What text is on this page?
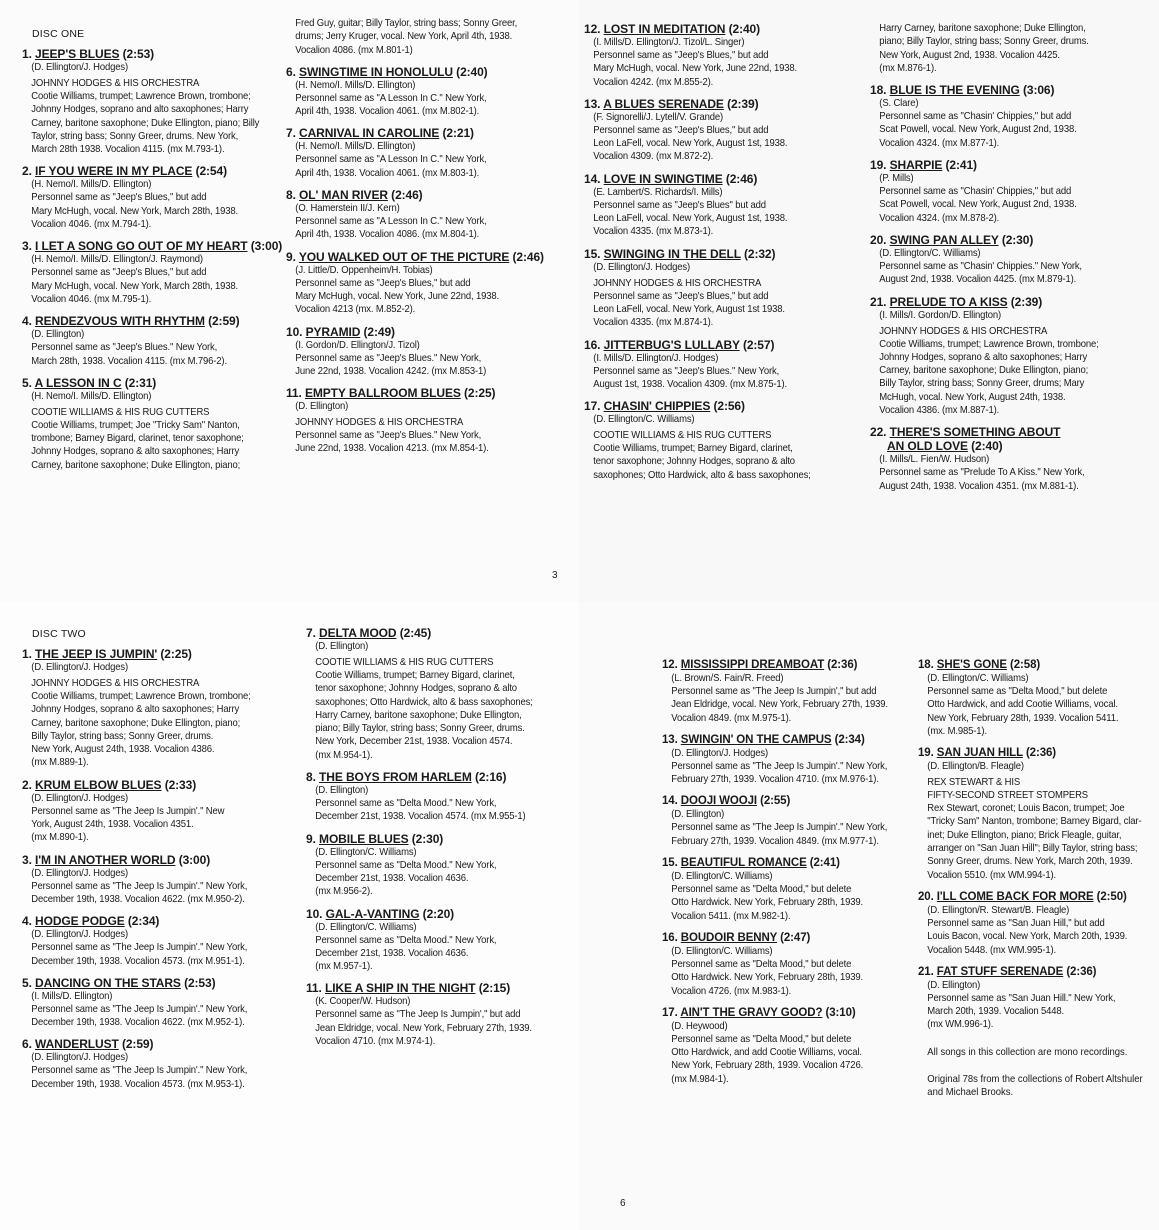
DISC ONE
1. JEEP'S BLUES (2:53)
(D. Ellington/J. Hodges)
JOHNNY HODGES & HIS ORCHESTRA
Cootie Williams, trumpet; Lawrence Brown, trombone;
Johnny Hodges, soprano and alto saxophones; Harry
Carney, baritone saxophone; Duke Ellington, piano; Billy
Taylor, string bass; Sonny Greer, drums. New York,
March 28th 1938. Vocalion 4115. (mx M.793-1).
2. IF YOU WERE IN MY PLACE (2:54)
(H. Nemo/I. Mills/D. Ellington)
Personnel same as "Jeep's Blues," but add
Mary McHugh, vocal. New York, March 28th, 1938.
Vocalion 4046. (mx M.794-1).
3. I LET A SONG GO OUT OF MY HEART (3:00)
(H. Nemo/I. Mills/D. Ellington/J. Raymond)
Personnel same as "Jeep's Blues," but add
Mary McHugh, vocal. New York, March 28th, 1938.
Vocalion 4046. (mx M.795-1).
4. RENDEZVOUS WITH RHYTHM (2:59)
(D. Ellington)
Personnel same as "Jeep's Blues." New York,
March 28th, 1938. Vocalion 4115. (mx M.796-2).
5. A LESSON IN C (2:31)
(H. Nemo/I. Mills/D. Ellington)
COOTIE WILLIAMS & HIS RUG CUTTERS
Cootie Williams, trumpet; Joe "Tricky Sam" Nanton,
trombone; Barney Bigard, clarinet, tenor saxophone;
Johnny Hodges, soprano & alto saxophones; Harry
Carney, baritone saxophone; Duke Ellington, piano;
Fred Guy, guitar; Billy Taylor, string bass; Sonny Greer,
drums; Jerry Kruger, vocal. New York, April 4th, 1938.
Vocalion 4086. (mx M.801-1)
6. SWINGTIME IN HONOLULU (2:40)
(H. Nemo/I. Mills/D. Ellington)
Personnel same as "A Lesson In C." New York,
April 4th, 1938. Vocalion 4061. (mx M.802-1).
7. CARNIVAL IN CAROLINE (2:21)
(H. Nemo/I. Mills/D. Ellington)
Personnel same as "A Lesson In C." New York,
April 4th, 1938. Vocalion 4061. (mx M.803-1).
8. OL' MAN RIVER (2:46)
(O. Hamerstein II/J. Kern)
Personnel same as "A Lesson In C." New York,
April 4th, 1938. Vocalion 4086. (mx M.804-1).
9. YOU WALKED OUT OF THE PICTURE (2:46)
(J. Little/D. Oppenheim/H. Tobias)
Personnel same as "Jeep's Blues," but add
Mary McHugh, vocal. New York, June 22nd, 1938.
Vocalion 4213 (mx. M.852-2).
10. PYRAMID (2:49)
(I. Gordon/D. Ellington/J. Tizol)
Personnel same as "Jeep's Blues." New York,
June 22nd, 1938. Vocalion 4242. (mx M.853-1)
11. EMPTY BALLROOM BLUES (2:25)
(D. Ellington)
JOHNNY HODGES & HIS ORCHESTRA
Personnel same as "Jeep's Blues." New York,
June 22nd, 1938. Vocalion 4213. (mx M.854-1).
3
12. LOST IN MEDITATION (2:40)
(I. Mills/D. Ellington/J. Tizol/L. Singer)
Personnel same as "Jeep's Blues," but add
Mary McHugh, vocal. New York, June 22nd, 1938.
Vocalion 4242. (mx M.855-2).
13. A BLUES SERENADE (2:39)
(F. Signorelli/J. Lytell/V. Grande)
Personnel same as "Jeep's Blues," but add
Leon LaFell, vocal. New York, August 1st, 1938.
Vocalion 4309. (mx M.872-2).
14. LOVE IN SWINGTIME (2:46)
(E. Lambert/S. Richards/I. Mills)
Personnel same as "Jeep's Blues" but add
Leon LaFell, vocal. New York, August 1st, 1938.
Vocalion 4335. (mx M.873-1).
15. SWINGING IN THE DELL (2:32)
(D. Ellington/J. Hodges)
JOHNNY HODGES & HIS ORCHESTRA
Personnel same as "Jeep's Blues," but add
Leon LaFell, vocal. New York, August 1st 1938.
Vocalion 4335. (mx M.874-1).
16. JITTERBUG'S LULLABY (2:57)
(I. Mills/D. Ellington/J. Hodges)
Personnel same as "Jeep's Blues." New York,
August 1st, 1938. Vocalion 4309. (mx M.875-1).
17. CHASIN' CHIPPIES (2:56)
(D. Ellington/C. Williams)
COOTIE WILLIAMS & HIS RUG CUTTERS
Cootie Williams, trumpet; Barney Bigard, clarinet,
tenor saxophone; Johnny Hodges, soprano & alto
saxophones; Otto Hardwick, alto & bass saxophones;
Harry Carney, baritone saxophone; Duke Ellington,
piano; Billy Taylor, string bass; Sonny Greer, drums.
New York, August 2nd, 1938. Vocalion 4425.
(mx M.876-1).
18. BLUE IS THE EVENING (3:06)
(S. Clare)
Personnel same as "Chasin' Chippies," but add
Scat Powell, vocal. New York, August 2nd, 1938.
Vocalion 4324. (mx M.877-1).
19. SHARPIE (2:41)
(P. Mills)
Personnel same as "Chasin' Chippies," but add
Scat Powell, vocal. New York, August 2nd, 1938.
Vocalion 4324. (mx M.878-2).
20. SWING PAN ALLEY (2:30)
(D. Ellington/C. Williams)
Personnel same as "Chasin' Chippies." New York,
August 2nd, 1938. Vocalion 4425. (mx M.879-1).
21. PRELUDE TO A KISS (2:39)
(I. Mills/I. Gordon/D. Ellington)
JOHNNY HODGES & HIS ORCHESTRA
Cootie Williams, trumpet; Lawrence Brown, trombone;
Johnny Hodges, soprano & alto saxophones; Harry
Carney, baritone saxophone; Duke Ellington, piano;
Billy Taylor, string bass; Sonny Greer, drums; Mary
McHugh, vocal. New York, August 24th, 1938.
Vocalion 4386. (mx M.887-1).
22. THERE'S SOMETHING ABOUT
AN OLD LOVE (2:40)
(I. Mills/L. Fien/W. Hudson)
Personnel same as "Prelude To A Kiss." New York,
August 24th, 1938. Vocalion 4351. (mx M.881-1).
DISC TWO
1. THE JEEP IS JUMPIN' (2:25)
(D. Ellington/J. Hodges)
JOHNNY HODGES & HIS ORCHESTRA
Cootie Williams, trumpet; Lawrence Brown, trombone;
Johnny Hodges, soprano & alto saxophones; Harry
Carney, baritone saxophone; Duke Ellington, piano;
Billy Taylor, string bass; Sonny Greer, drums.
New York, August 24th, 1938. Vocalion 4386.
(mx M.889-1).
2. KRUM ELBOW BLUES (2:33)
(D. Ellington/J. Hodges)
Personnel same as "The Jeep Is Jumpin'." New
York, August 24th, 1938. Vocalion 4351.
(mx M.890-1).
3. I'M IN ANOTHER WORLD (3:00)
(D. Ellington/J. Hodges)
Personnel same as "The Jeep Is Jumpin'." New York,
December 19th, 1938. Vocalion 4622. (mx M.950-2).
4. HODGE PODGE (2:34)
(D. Ellington/J. Hodges)
Personnel same as "The Jeep Is Jumpin'." New York,
December 19th, 1938. Vocalion 4573. (mx M.951-1).
5. DANCING ON THE STARS (2:53)
(I. Mills/D. Ellington)
Personnel same as "The Jeep Is Jumpin'." New York,
December 19th, 1938. Vocalion 4622. (mx M.952-1).
6. WANDERLUST (2:59)
(D. Ellington/J. Hodges)
Personnel same as "The Jeep Is Jumpin'." New York,
December 19th, 1938. Vocalion 4573. (mx M.953-1).
7. DELTA MOOD (2:45)
(D. Ellington)
COOTIE WILLIAMS & HIS RUG CUTTERS
Cootie Williams, trumpet; Barney Bigard, clarinet,
tenor saxophone; Johnny Hodges, soprano & alto
saxophones; Otto Hardwick, alto & bass saxophones;
Harry Carney, baritone saxophone; Duke Ellington,
piano; Billy Taylor, string bass; Sonny Greer, drums.
New York, December 21st, 1938. Vocalion 4574.
(mx M.954-1).
8. THE BOYS FROM HARLEM (2:16)
(D. Ellington)
Personnel same as "Delta Mood." New York,
December 21st, 1938. Vocalion 4574. (mx M.955-1)
9. MOBILE BLUES (2:30)
(D. Ellington/C. Williams)
Personnel same as "Delta Mood." New York,
December 21st, 1938. Vocalion 4636.
(mx M.956-2).
10. GAL-A-VANTING (2:20)
(D. Ellington/C. Williams)
Personnel same as "Delta Mood." New York,
December 21st, 1938. Vocalion 4636.
(mx M.957-1).
11. LIKE A SHIP IN THE NIGHT (2:15)
(K. Cooper/W. Hudson)
Personnel same as "The Jeep Is Jumpin'," but add
Jean Eldridge, vocal. New York, February 27th, 1939.
Vocalion 4710. (mx M.974-1).
12. MISSISSIPPI DREAMBOAT (2:36)
(L. Brown/S. Fain/R. Freed)
Personnel same as "The Jeep Is Jumpin'," but add
Jean Eldridge, vocal. New York, February 27th, 1939.
Vocalion 4849. (mx M.975-1).
13. SWINGIN' ON THE CAMPUS (2:34)
(D. Ellington/J. Hodges)
Personnel same as "The Jeep Is Jumpin'." New York,
February 27th, 1939. Vocalion 4710. (mx M.976-1).
14. DOOJI WOOJI (2:55)
(D. Ellington)
Personnel same as "The Jeep Is Jumpin'." New York,
February 27th, 1939. Vocalion 4849. (mx M.977-1).
15. BEAUTIFUL ROMANCE (2:41)
(D. Ellington/C. Williams)
Personnel same as "Delta Mood," but delete
Otto Hardwick. New York, February 28th, 1939.
Vocalion 5411. (mx M.982-1).
16. BOUDOIR BENNY (2:47)
(D. Ellington/C. Williams)
Personnel same as "Delta Mood," but delete
Otto Hardwick. New York, February 28th, 1939.
Vocalion 4726. (mx M.983-1).
17. AIN'T THE GRAVY GOOD? (3:10)
(D. Heywood)
Personnel same as "Delta Mood," but delete
Otto Hardwick, and add Cootie Williams, vocal.
New York, February 28th, 1939. Vocalion 4726.
(mx M.984-1).
18. SHE'S GONE (2:58)
(D. Ellington/C. Williams)
Personnel same as "Delta Mood," but delete
Otto Hardwick, and add Cootie Williams, vocal.
New York, February 28th, 1939. Vocalion 5411.
(mx. M.985-1).
19. SAN JUAN HILL (2:36)
(D. Ellington/B. Fleagle)
REX STEWART & HIS
FIFTY-SECOND STREET STOMPERS
Rex Stewart, coronet; Louis Bacon, trumpet; Joe
"Tricky Sam" Nanton, trombone; Barney Bigard, clar-
inet; Duke Ellington, piano; Brick Fleagle, guitar,
arranger on "San Juan Hill"; Billy Taylor, string bass;
Sonny Greer, drums. New York, March 20th, 1939.
Vocalion 5510. (mx WM.994-1).
20. I'LL COME BACK FOR MORE (2:50)
(D. Ellington/R. Stewart/B. Fleagle)
Personnel same as "San Juan Hill," but add
Louis Bacon, vocal. New York, March 20th, 1939.
Vocalion 5448. (mx WM.995-1).
21. FAT STUFF SERENADE (2:36)
(D. Ellington)
Personnel same as "San Juan Hill." New York,
March 20th, 1939. Vocalion 5448.
(mx WM.996-1).
All songs in this collection are mono recordings.
Original 78s from the collections of Robert Altshuler
and Michael Brooks.
6
